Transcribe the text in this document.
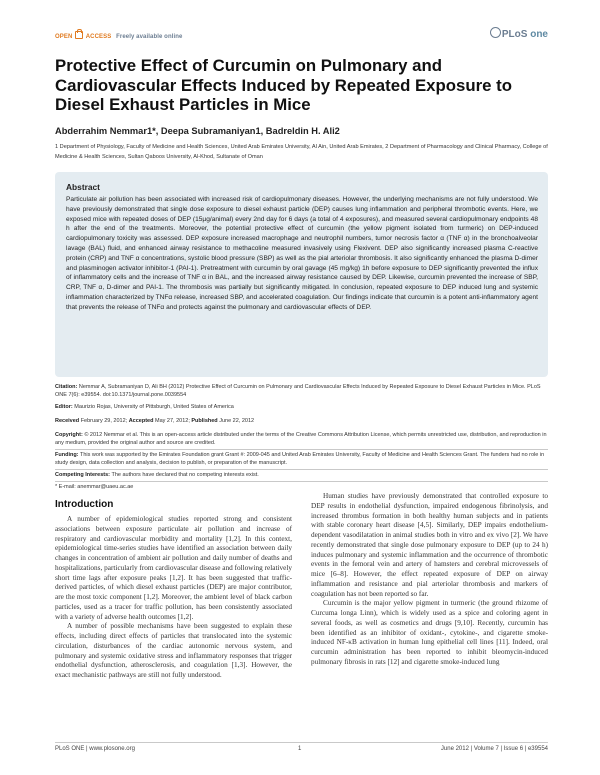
OPEN ACCESS Freely available online	PLoS one
Protective Effect of Curcumin on Pulmonary and Cardiovascular Effects Induced by Repeated Exposure to Diesel Exhaust Particles in Mice
Abderrahim Nemmar1*, Deepa Subramaniyan1, Badreldin H. Ali2
1 Department of Physiology, Faculty of Medicine and Health Sciences, United Arab Emirates University, Al Ain, United Arab Emirates, 2 Department of Pharmacology and Clinical Pharmacy, College of Medicine & Health Sciences, Sultan Qaboos University, Al-Khod, Sultanate of Oman
Abstract
Particulate air pollution has been associated with increased risk of cardiopulmonary diseases. However, the underlying mechanisms are not fully understood. We have previously demonstrated that single dose exposure to diesel exhaust particle (DEP) causes lung inflammation and peripheral thrombotic events. Here, we exposed mice with repeated doses of DEP (15µg/animal) every 2nd day for 6 days (a total of 4 exposures), and measured several cardiopulmonary endpoints 48 h after the end of the treatments. Moreover, the potential protective effect of curcumin (the yellow pigment isolated from turmeric) on DEP-induced cardiopulmonary toxicity was assessed. DEP exposure increased macrophage and neutrophil numbers, tumor necrosis factor α (TNF α) in the bronchoalveolar lavage (BAL) fluid, and enhanced airway resistance to methacoline measured invasively using Flexivent. DEP also significantly increased plasma C-reactive protein (CRP) and TNF α concentrations, systolic blood pressure (SBP) as well as the pial arteriolar thrombosis. It also significantly enhanced the plasma D-dimer and plasminogen activator inhibitor-1 (PAI-1). Pretreatment with curcumin by oral gavage (45 mg/kg) 1h before exposure to DEP significantly prevented the influx of inflammatory cells and the increase of TNF α in BAL, and the increased airway resistance caused by DEP. Likewise, curcumin prevented the increase of SBP, CRP, TNF α, D-dimer and PAI-1. The thrombosis was partially but significantly mitigated. In conclusion, repeated exposure to DEP induced lung and systemic inflammation characterized by TNFα release, increased SBP, and accelerated coagulation. Our findings indicate that curcumin is a potent anti-inflammatory agent that prevents the release of TNFα and protects against the pulmonary and cardiovascular effects of DEP.
Citation: Nemmar A, Subramaniyan D, Ali BH (2012) Protective Effect of Curcumin on Pulmonary and Cardiovascular Effects Induced by Repeated Exposure to Diesel Exhaust Particles in Mice. PLoS ONE 7(6): e39554. doi:10.1371/journal.pone.0039554
Editor: Maurizio Rojas, University of Pittsburgh, United States of America
Received February 29, 2012; Accepted May 27, 2012; Published June 22, 2012
Copyright: © 2012 Nemmar et al. This is an open-access article distributed under the terms of the Creative Commons Attribution License, which permits unrestricted use, distribution, and reproduction in any medium, provided the original author and source are credited.
Funding: This work was supported by the Emirates Foundation grant Grant #: 2009-045 and United Arab Emirates University, Faculty of Medicine and Health Sciences Grant. The funders had no role in study design, data collection and analysis, decision to publish, or preparation of the manuscript.
Competing Interests: The authors have declared that no competing interests exist.
* E-mail: anemmar@uaeu.ac.ae
Introduction

A number of epidemiological studies reported strong and consistent associations between exposure particulate air pollution and increase of respiratory and cardiovascular morbidity and mortality [1,2]. In this context, epidemiological time-series studies have identified an association between daily changes in concentration of ambient air pollution and daily number of deaths and hospitalizations, particularly from cardiovascular disease and following relatively short time lags after exposure peaks [1,2]. It has been suggested that traffic-derived particles, of which diesel exhaust particles (DEP) are major contributor, are the most toxic component [1,2]. Moreover, the ambient level of black carbon particles, used as a tracer for traffic pollution, has been consistently associated with a variety of adverse health outcomes [1,2].

A number of possible mechanisms have been suggested to explain these effects, including direct effects of particles that translocated into the systemic circulation, disturbances of the cardiac autonomic nervous system, and pulmonary and systemic oxidative stress and inflammatory responses that trigger endothelial dysfunction, atherosclerosis, and coagulation [1,3]. However, the exact mechanistic pathways are still not fully understood.

Human studies have previously demonstrated that controlled exposure to DEP results in endothelial dysfunction, impaired endogenous fibrinolysis, and increased thrombus formation in both healthy human subjects and in patients with stable coronary heart disease [4,5]. Similarly, DEP impairs endothelium-dependent vasodilatation in animal studies both in vitro and ex vivo [2]. We have recently demonstrated that single dose pulmonary exposure to DEP (up to 24 h) induces pulmonary and systemic inflammation and the occurrence of thrombotic events in the femoral vein and artery of hamsters and cerebral microvessels of mice [6–8]. However, the effect repeated exposure of DEP on airway inflammation and resistance and pial arteriolar thrombosis and markers of coagulation has not been reported so far.

Curcumin is the major yellow pigment in turmeric (the ground rhizome of Curcuma longa Linn), which is widely used as a spice and coloring agent in several foods, as well as cosmetics and drugs [9,10]. Recently, curcumin has been identified as an inhibitor of oxidant-, cytokine-, and cigarette smoke-induced NF-κB activation in human lung epithelial cell lines [11]. Indeed, oral curcumin administration has been reported to inhibit bleomycin-induced pulmonary fibrosis in rats [12] and cigarette smoke-induced lung

PLoS ONE | www.plosone.org	1	June 2012 | Volume 7 | Issue 6 | e39554
